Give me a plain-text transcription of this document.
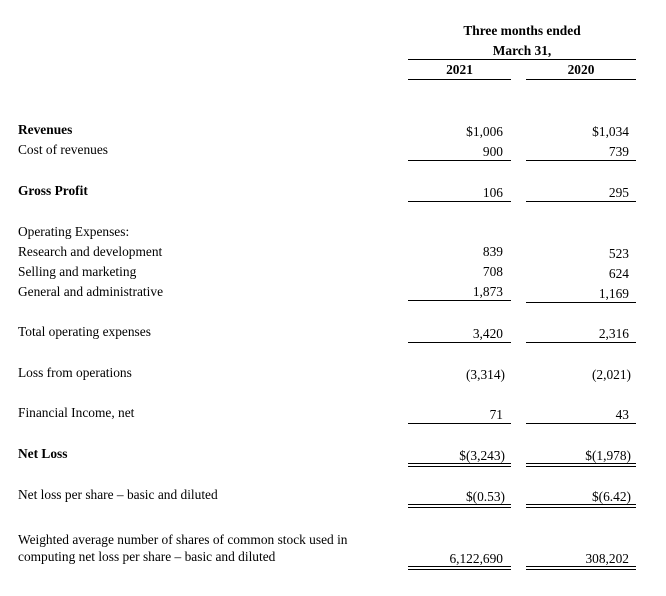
Three months ended
March 31,
2021	2020
Revenues	$1,006	$1,034
Cost of revenues	900	739
Gross Profit	106	295
Operating Expenses:
Research and development	839	523
Selling and marketing	708	624
General and administrative	1,873	1,169
Total operating expenses	3,420	2,316
Loss from operations	(3,314)	(2,021)
Financial Income, net	71	43
Net Loss	$(3,243)	$(1,978)
Net loss per share – basic and diluted	$(0.53)	$(6.42)
Weighted average number of shares of common stock used in
computing net loss per share – basic and diluted	6,122,690	308,202
